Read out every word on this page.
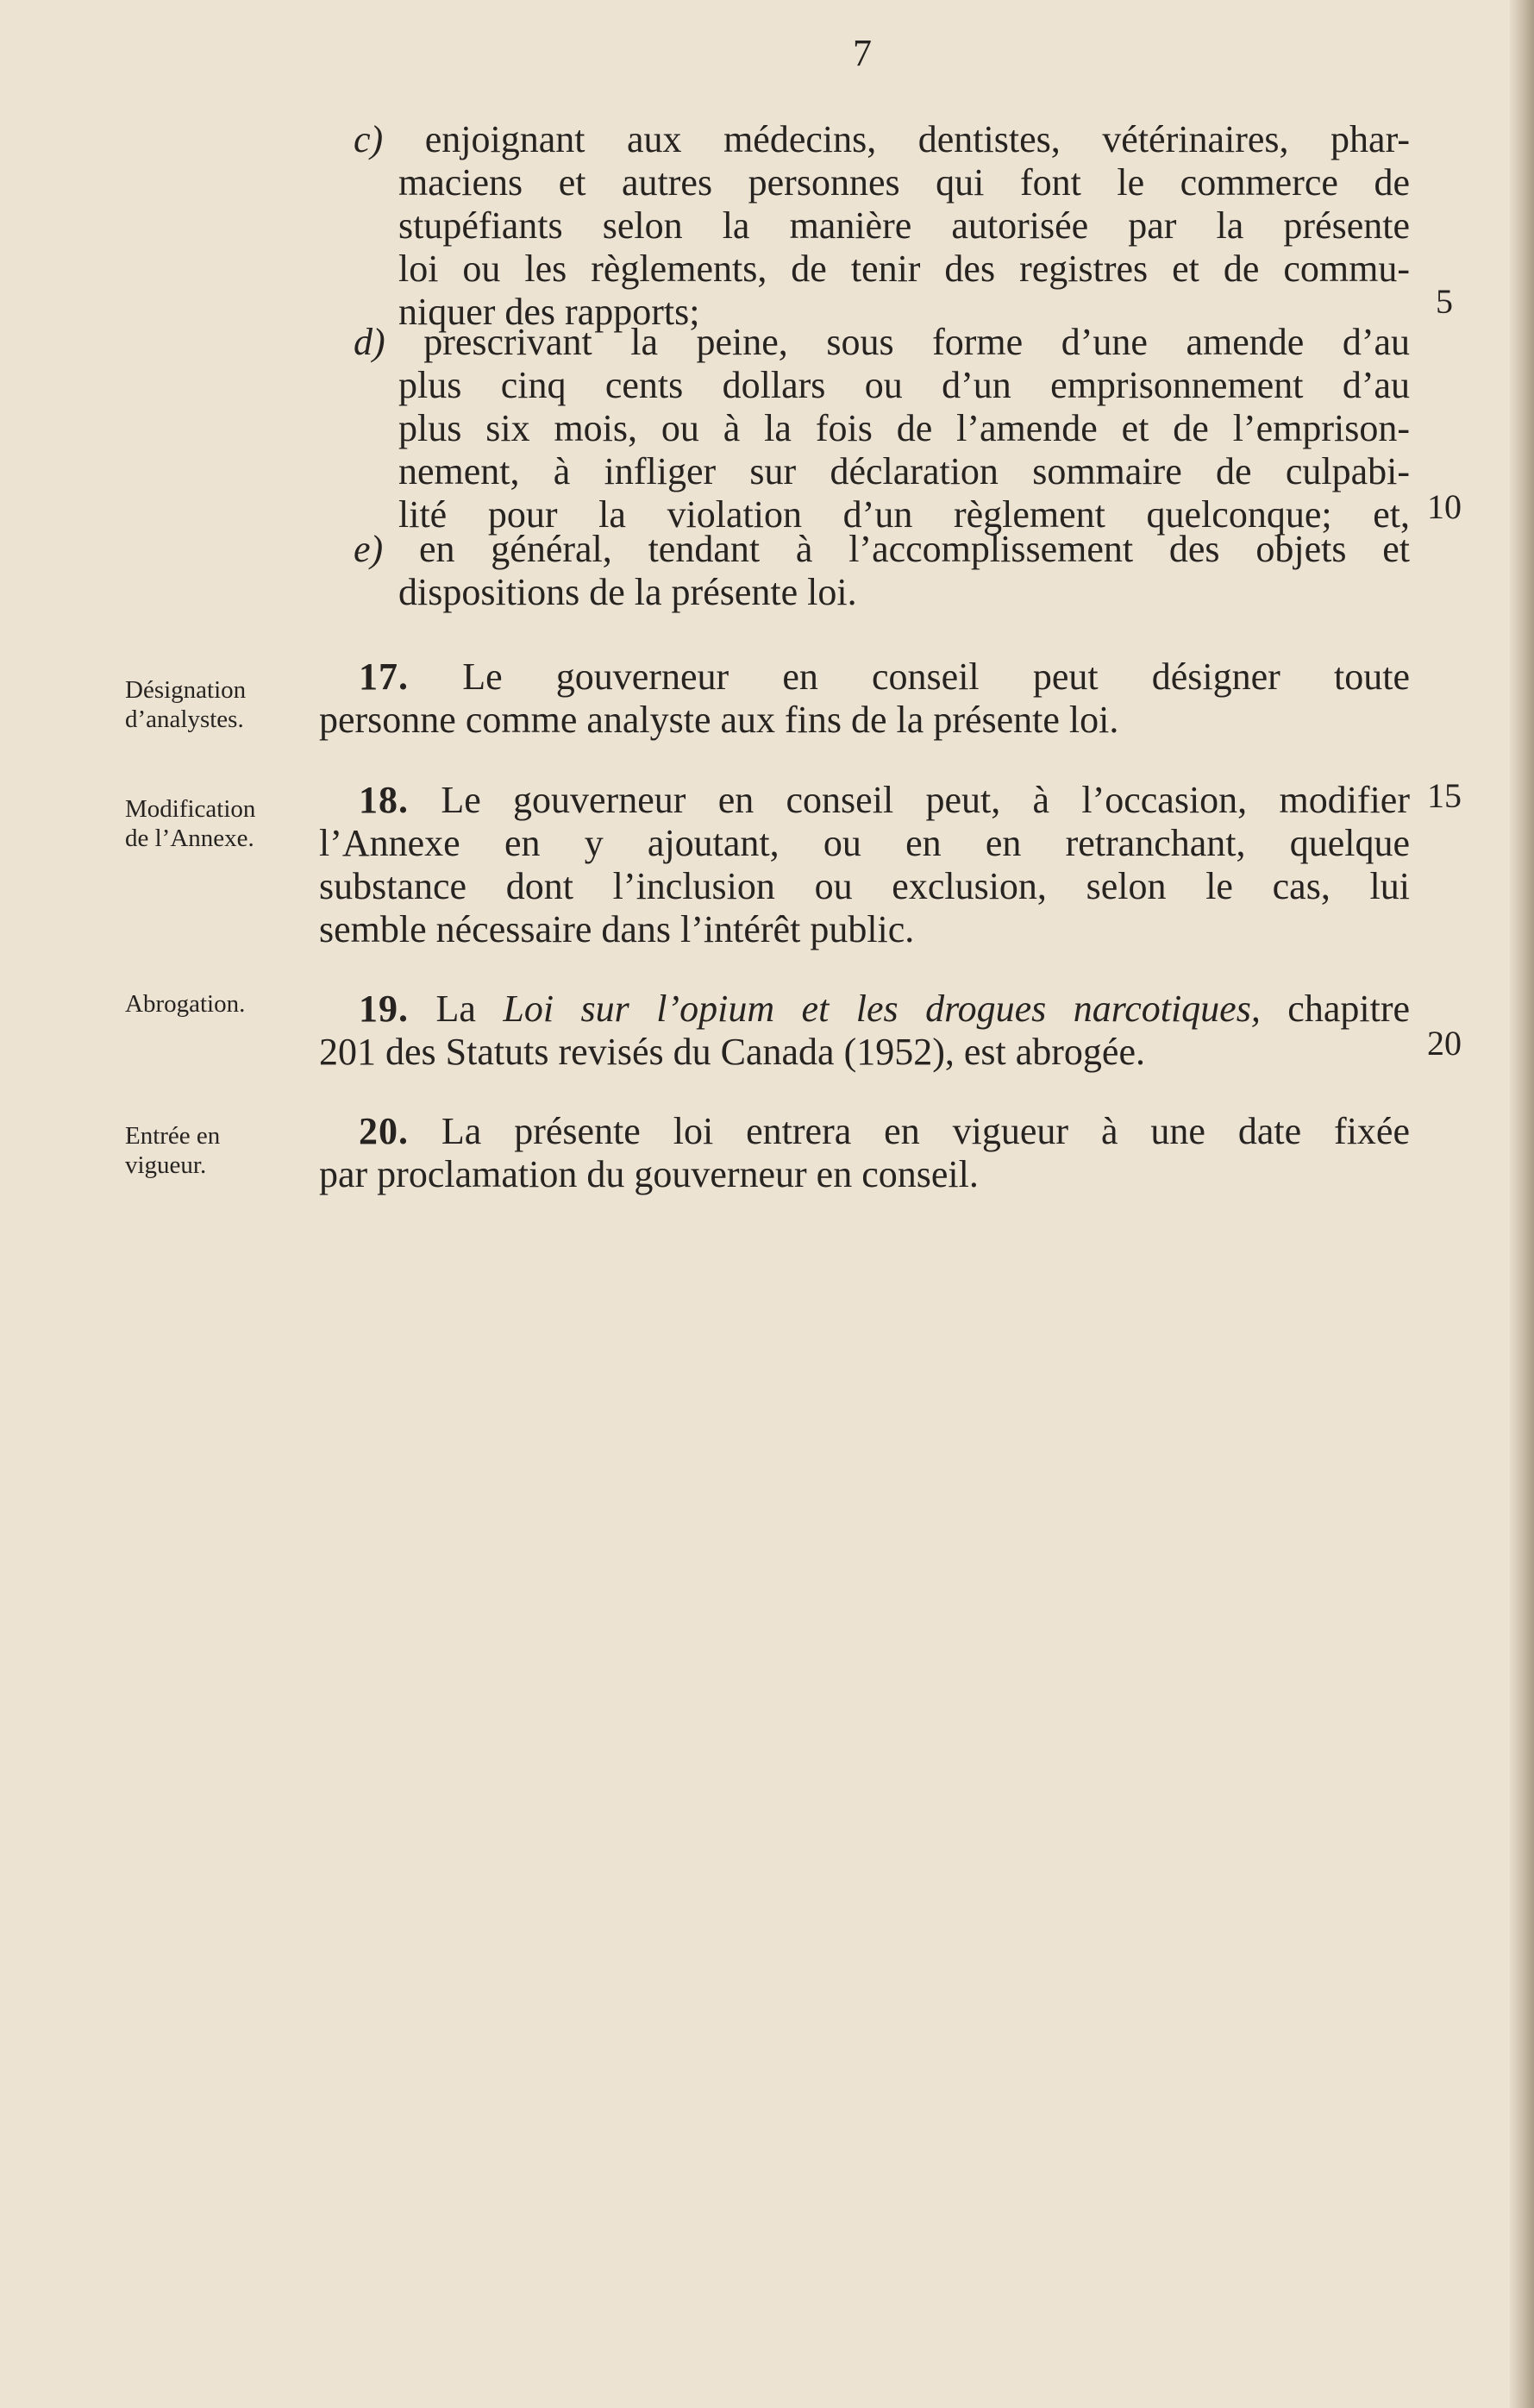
7
c) enjoignant aux médecins, dentistes, vétérinaires, phar-
maciens et autres personnes qui font le commerce de
stupéfiants selon la manière autorisée par la présente
loi ou les règlements, de tenir des registres et de commu-
niquer des rapports;
d) prescrivant la peine, sous forme d’une amende d’au
plus cinq cents dollars ou d’un emprisonnement d’au
plus six mois, ou à la fois de l’amende et de l’emprison-
nement, à infliger sur déclaration sommaire de culpabi-
lité pour la violation d’un règlement quelconque; et,
e) en général, tendant à l’accomplissement des objets et
dispositions de la présente loi.
Désignation
d’analystes.
17. Le gouverneur en conseil peut désigner toute
personne comme analyste aux fins de la présente loi.
Modification
de l’Annexe.
18. Le gouverneur en conseil peut, à l’occasion, modifier
l’Annexe en y ajoutant, ou en en retranchant, quelque
substance dont l’inclusion ou exclusion, selon le cas, lui
semble nécessaire dans l’intérêt public.
Abrogation.	19. La Loi sur l’opium et les drogues narcotiques, chapitre
201 des Statuts revisés du Canada (1952), est abrogée.
Entrée en
vigueur.
20. La présente loi entrera en vigueur à une date fixée
par proclamation du gouverneur en conseil.
5
10
15
20
